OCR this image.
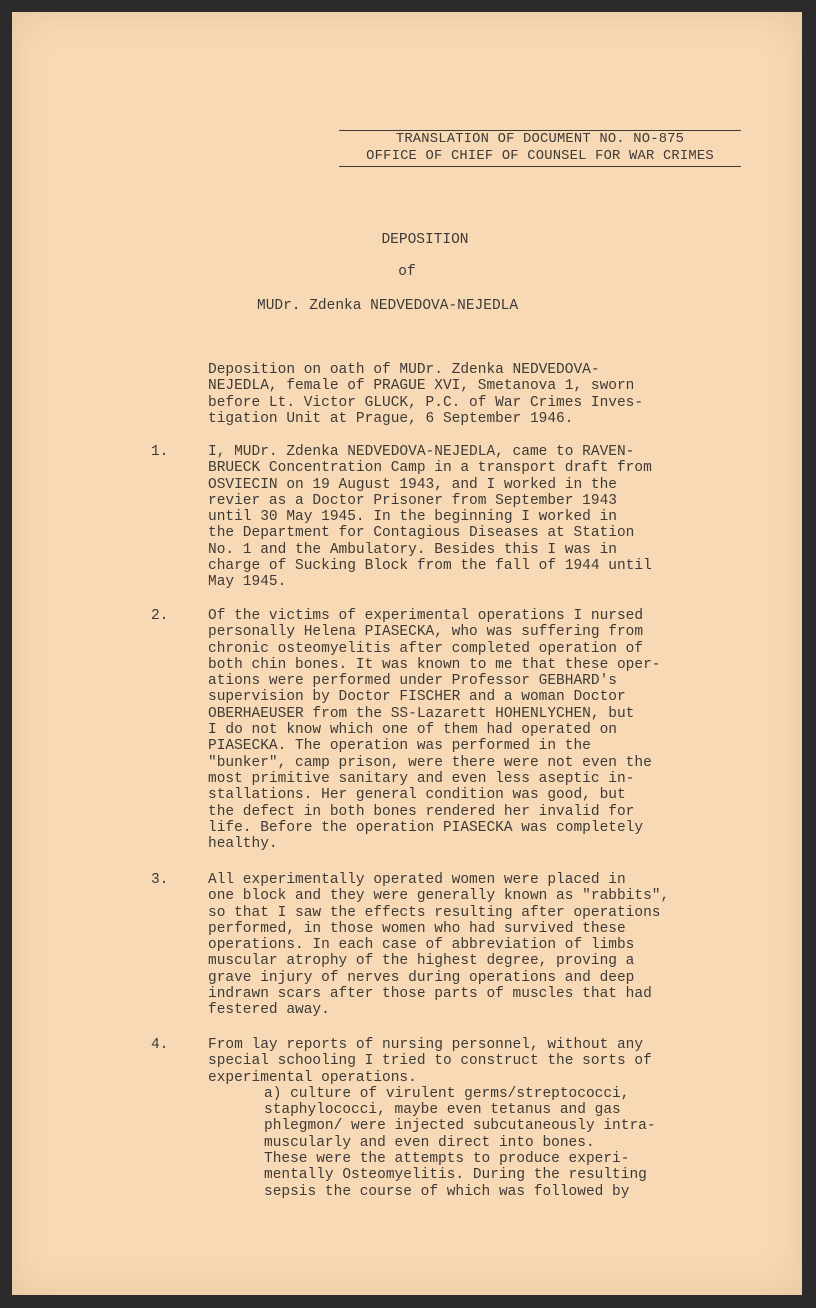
TRANSLATION OF DOCUMENT NO. NO-875
OFFICE OF CHIEF OF COUNSEL FOR WAR CRIMES
DEPOSITION
of
MUDr. Zdenka NEDVEDOVA-NEJEDLA
Deposition on oath of MUDr. Zdenka NEDVEDOVA-
NEJEDLA, female of PRAGUE XVI, Smetanova 1, sworn
before Lt. Victor GLUCK, P.C. of War Crimes Inves-
tigation Unit at Prague, 6 September 1946.
1.	I, MUDr. Zdenka NEDVEDOVA-NEJEDLA, came to RAVEN-
BRUECK Concentration Camp in a transport draft from
OSVIECIN on 19 August 1943, and I worked in the
revier as a Doctor Prisoner from September 1943
until 30 May 1945. In the beginning I worked in
the Department for Contagious Diseases at Station
No. 1 and the Ambulatory. Besides this I was in
charge of Sucking Block from the fall of 1944 until
May 1945.
2.	Of the victims of experimental operations I nursed
personally Helena PIASECKA, who was suffering from
chronic osteomyelitis after completed operation of
both chin bones. It was known to me that these oper-
ations were performed under Professor GEBHARD's
supervision by Doctor FISCHER and a woman Doctor
OBERHAEUSER from the SS-Lazarett HOHENLYCHEN, but
I do not know which one of them had operated on
PIASECKA. The operation was performed in the
"bunker", camp prison, were there were not even the
most primitive sanitary and even less aseptic in-
stallations. Her general condition was good, but
the defect in both bones rendered her invalid for
life. Before the operation PIASECKA was completely
healthy.
3.	All experimentally operated women were placed in
one block and they were generally known as "rabbits",
so that I saw the effects resulting after operations
performed, in those women who had survived these
operations. In each case of abbreviation of limbs
muscular atrophy of the highest degree, proving a
grave injury of nerves during operations and deep
indrawn scars after those parts of muscles that had
festered away.
4.	From lay reports of nursing personnel, without any
special schooling I tried to construct the sorts of
experimental operations.
a) culture of virulent germs/streptococci,
staphylococci, maybe even tetanus and gas
phlegmon/ were injected subcutaneously intra-
muscularly and even direct into bones.
These were the attempts to produce experi-
mentally Osteomyelitis. During the resulting
sepsis the course of which was followed by
